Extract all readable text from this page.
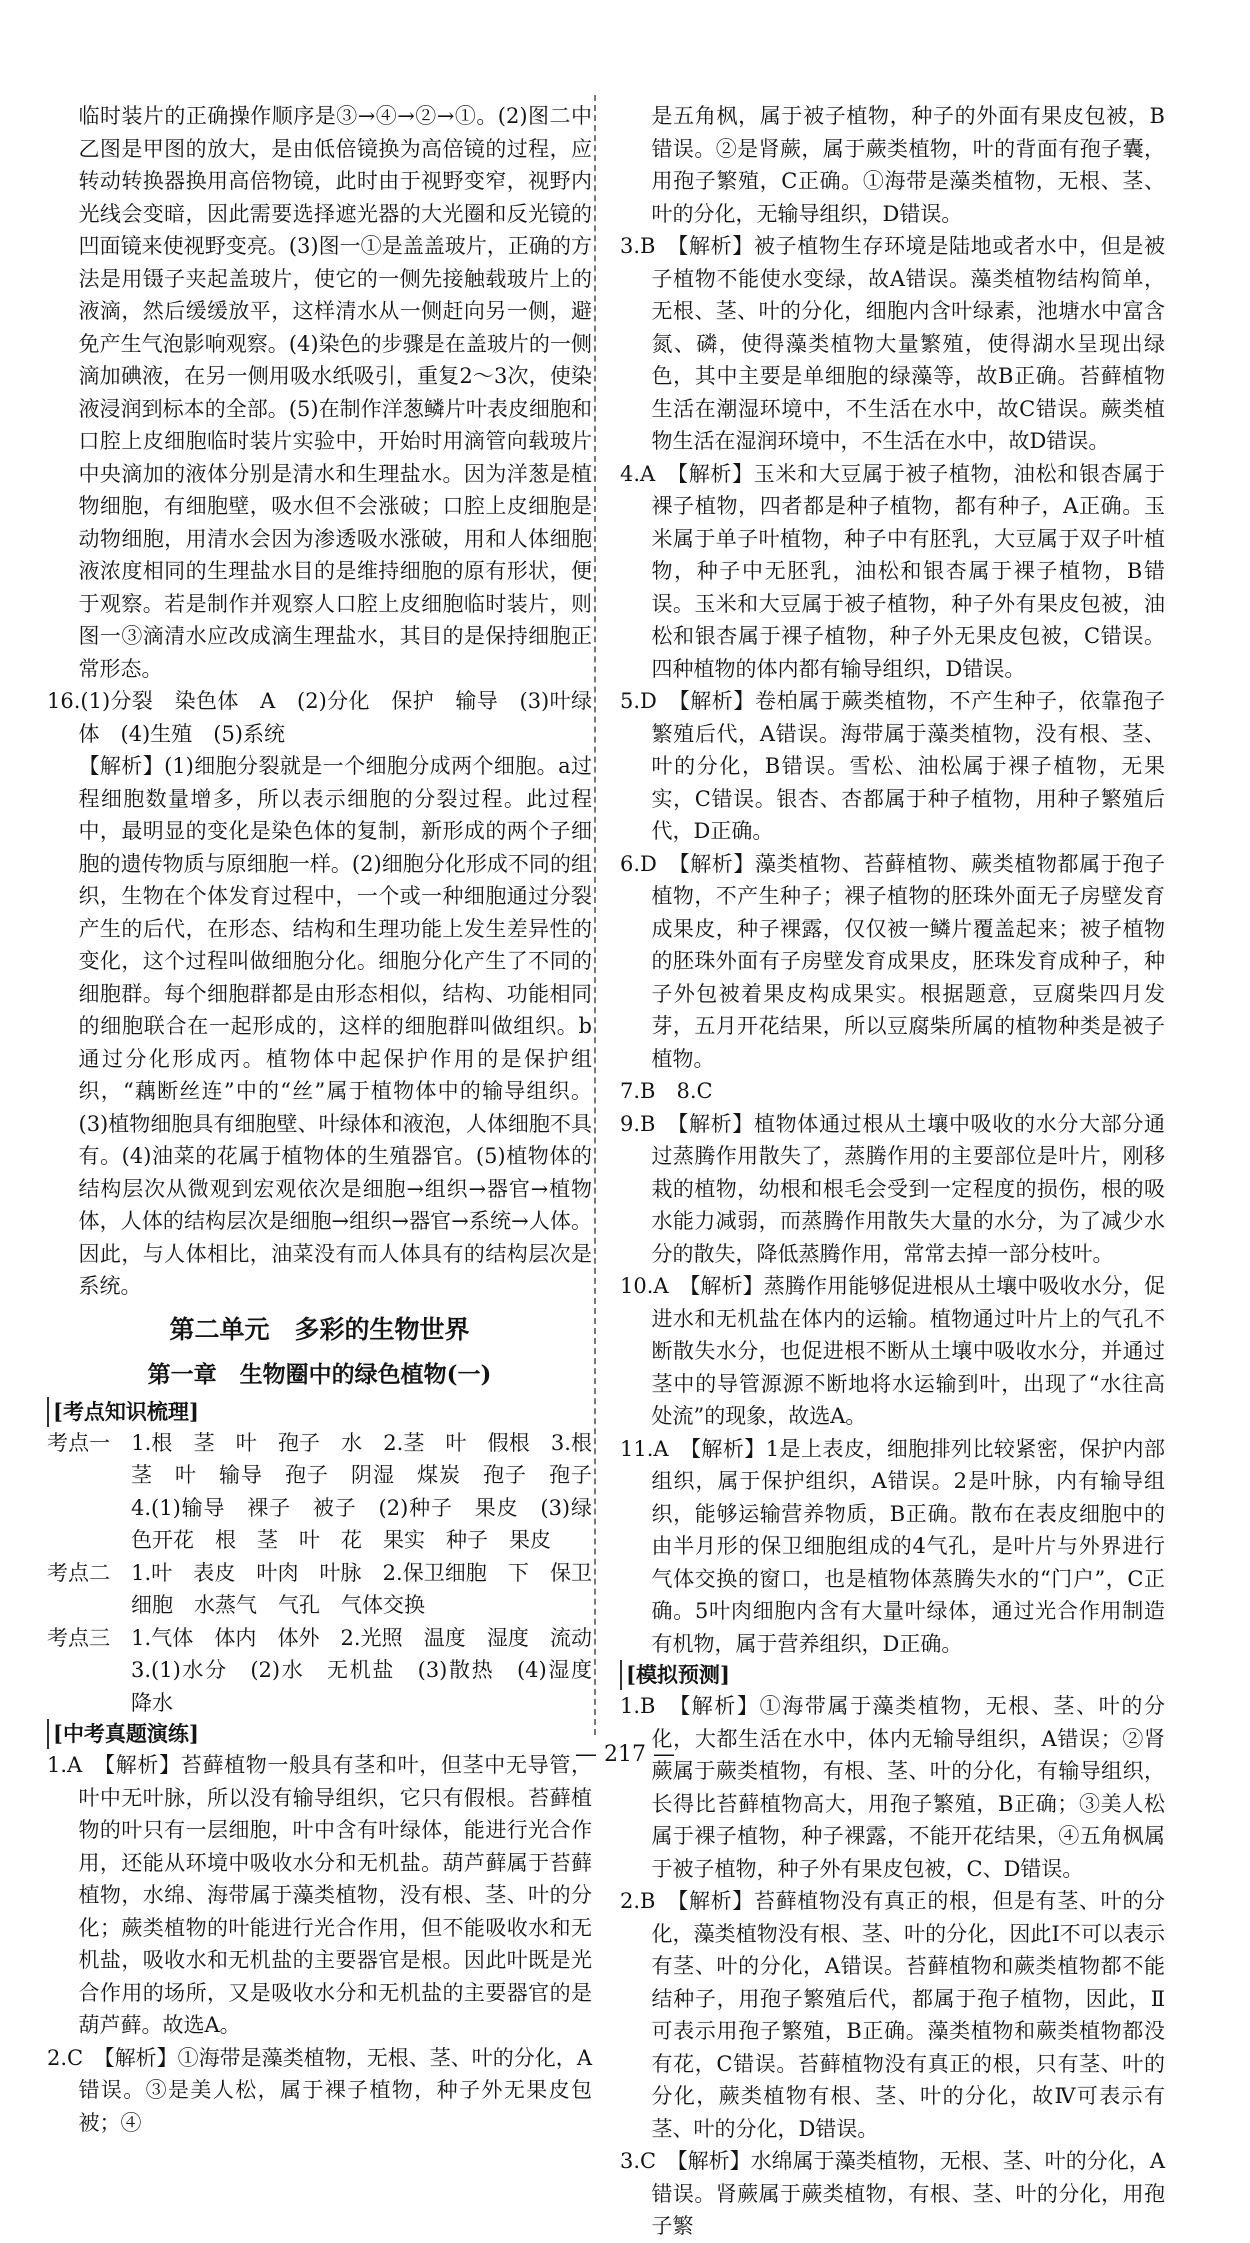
临时装片的正确操作顺序是③→④→②→①。(2)图二中乙图是甲图的放大，是由低倍镜换为高倍镜的过程，应转动转换器换用高倍物镜，此时由于视野变窄，视野内光线会变暗，因此需要选择遮光器的大光圈和反光镜的凹面镜来使视野变亮。(3)图一①是盖盖玻片，正确的方法是用镊子夹起盖玻片，使它的一侧先接触载玻片上的液滴，然后缓缓放平，这样清水从一侧赶向另一侧，避免产生气泡影响观察。(4)染色的步骤是在盖玻片的一侧滴加碘液，在另一侧用吸水纸吸引，重复2～3次，使染液浸润到标本的全部。(5)在制作洋葱鳞片叶表皮细胞和口腔上皮细胞临时装片实验中，开始时用滴管向载玻片中央滴加的液体分别是清水和生理盐水。因为洋葱是植物细胞，有细胞壁，吸水但不会涨破；口腔上皮细胞是动物细胞，用清水会因为渗透吸水涨破，用和人体细胞液浓度相同的生理盐水目的是维持细胞的原有形状，便于观察。若是制作并观察人口腔上皮细胞临时装片，则图一③滴清水应改成滴生理盐水，其目的是保持细胞正常形态。

16.(1)分裂　染色体　A　(2)分化　保护　输导　(3)叶绿体　(4)生殖　(5)系统

【解析】(1)细胞分裂就是一个细胞分成两个细胞。a过程细胞数量增多，所以表示细胞的分裂过程。此过程中，最明显的变化是染色体的复制，新形成的两个子细胞的遗传物质与原细胞一样。(2)细胞分化形成不同的组织，生物在个体发育过程中，一个或一种细胞通过分裂产生的后代，在形态、结构和生理功能上发生差异性的变化，这个过程叫做细胞分化。细胞分化产生了不同的细胞群。每个细胞群都是由形态相似，结构、功能相同的细胞联合在一起形成的，这样的细胞群叫做组织。b通过分化形成丙。植物体中起保护作用的是保护组织，“藕断丝连”中的“丝”属于植物体中的输导组织。(3)植物细胞具有细胞壁、叶绿体和液泡，人体细胞不具有。(4)油菜的花属于植物体的生殖器官。(5)植物体的结构层次从微观到宏观依次是细胞→组织→器官→植物体，人体的结构层次是细胞→组织→器官→系统→人体。因此，与人体相比，油菜没有而人体具有的结构层次是系统。

第二单元　多彩的生物世界
第一章　生物圈中的绿色植物(一)
[考点知识梳理]

考点一　1.根　茎　叶　孢子　水　2.茎　叶　假根　3.根　茎　叶　输导　孢子　阴湿　煤炭　孢子　孢子　4.(1)输导　裸子　被子　(2)种子　果皮　(3)绿色开花　根　茎　叶　花　果实　种子　果皮

考点二　1.叶　表皮　叶肉　叶脉　2.保卫细胞　下　保卫细胞　水蒸气　气孔　气体交换

考点三　1.气体　体内　体外　2.光照　温度　湿度　流动　3.(1)水分　(2)水　无机盐　(3)散热　(4)湿度　降水

[中考真题演练]

1.A　【解析】苔藓植物一般具有茎和叶，但茎中无导管，叶中无叶脉，所以没有输导组织，它只有假根。苔藓植物的叶只有一层细胞，叶中含有叶绿体，能进行光合作用，还能从环境中吸收水分和无机盐。葫芦藓属于苔藓植物，水绵、海带属于藻类植物，没有根、茎、叶的分化；蕨类植物的叶能进行光合作用，但不能吸收水和无机盐，吸收水和无机盐的主要器官是根。因此叶既是光合作用的场所，又是吸收水分和无机盐的主要器官的是葫芦藓。故选A。

2.C　【解析】①海带是藻类植物，无根、茎、叶的分化，A错误。③是美人松，属于裸子植物，种子外无果皮包被；④

是五角枫，属于被子植物，种子的外面有果皮包被，B错误。②是肾蕨，属于蕨类植物，叶的背面有孢子囊，用孢子繁殖，C正确。①海带是藻类植物，无根、茎、叶的分化，无输导组织，D错误。

3.B　【解析】被子植物生存环境是陆地或者水中，但是被子植物不能使水变绿，故A错误。藻类植物结构简单，无根、茎、叶的分化，细胞内含叶绿素，池塘水中富含氮、磷，使得藻类植物大量繁殖，使得湖水呈现出绿色，其中主要是单细胞的绿藻等，故B正确。苔藓植物生活在潮湿环境中，不生活在水中，故C错误。蕨类植物生活在湿润环境中，不生活在水中，故D错误。

4.A　【解析】玉米和大豆属于被子植物，油松和银杏属于裸子植物，四者都是种子植物，都有种子，A正确。玉米属于单子叶植物，种子中有胚乳，大豆属于双子叶植物，种子中无胚乳，油松和银杏属于裸子植物，B错误。玉米和大豆属于被子植物，种子外有果皮包被，油松和银杏属于裸子植物，种子外无果皮包被，C错误。四种植物的体内都有输导组织，D错误。

5.D　【解析】卷柏属于蕨类植物，不产生种子，依靠孢子繁殖后代，A错误。海带属于藻类植物，没有根、茎、叶的分化，B错误。雪松、油松属于裸子植物，无果实，C错误。银杏、杏都属于种子植物，用种子繁殖后代，D正确。

6.D　【解析】藻类植物、苔藓植物、蕨类植物都属于孢子植物，不产生种子；裸子植物的胚珠外面无子房壁发育成果皮，种子裸露，仅仅被一鳞片覆盖起来；被子植物的胚珠外面有子房壁发育成果皮，胚珠发育成种子，种子外包被着果皮构成果实。根据题意，豆腐柴四月发芽，五月开花结果，所以豆腐柴所属的植物种类是被子植物。

7.B　8.C

9.B　【解析】植物体通过根从土壤中吸收的水分大部分通过蒸腾作用散失了，蒸腾作用的主要部位是叶片，刚移栽的植物，幼根和根毛会受到一定程度的损伤，根的吸水能力减弱，而蒸腾作用散失大量的水分，为了减少水分的散失，降低蒸腾作用，常常去掉一部分枝叶。

10.A　【解析】蒸腾作用能够促进根从土壤中吸收水分，促进水和无机盐在体内的运输。植物通过叶片上的气孔不断散失水分，也促进根不断从土壤中吸收水分，并通过茎中的导管源源不断地将水运输到叶，出现了“水往高处流”的现象，故选A。

11.A　【解析】1是上表皮，细胞排列比较紧密，保护内部组织，属于保护组织，A错误。2是叶脉，内有输导组织，能够运输营养物质，B正确。散布在表皮细胞中的由半月形的保卫细胞组成的4气孔，是叶片与外界进行气体交换的窗口，也是植物体蒸腾失水的“门户”，C正确。5叶肉细胞内含有大量叶绿体，通过光合作用制造有机物，属于营养组织，D正确。

[模拟预测]

1.B　【解析】①海带属于藻类植物，无根、茎、叶的分化，大都生活在水中，体内无输导组织，A错误；②肾蕨属于蕨类植物，有根、茎、叶的分化，有输导组织，长得比苔藓植物高大，用孢子繁殖，B正确；③美人松属于裸子植物，种子裸露，不能开花结果，④五角枫属于被子植物，种子外有果皮包被，C、D错误。

2.B　【解析】苔藓植物没有真正的根，但是有茎、叶的分化，藻类植物没有根、茎、叶的分化，因此Ⅰ不可以表示有茎、叶的分化，A错误。苔藓植物和蕨类植物都不能结种子，用孢子繁殖后代，都属于孢子植物，因此，Ⅱ可表示用孢子繁殖，B正确。藻类植物和蕨类植物都没有花，C错误。苔藓植物没有真正的根，只有茎、叶的分化，蕨类植物有根、茎、叶的分化，故Ⅳ可表示有茎、叶的分化，D错误。

3.C　【解析】水绵属于藻类植物，无根、茎、叶的分化，A错误。肾蕨属于蕨类植物，有根、茎、叶的分化，用孢子繁

— 217 —
